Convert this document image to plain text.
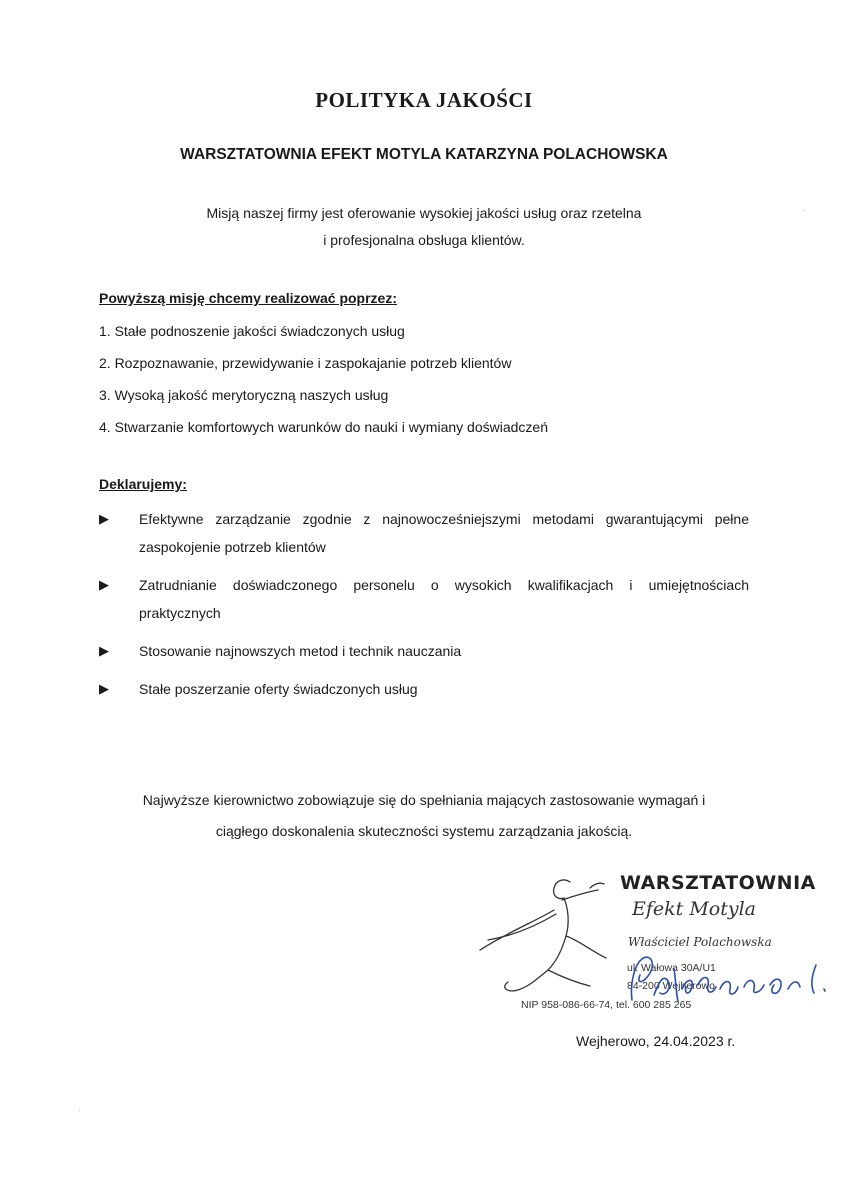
POLITYKA JAKOŚCI
WARSZTATOWNIA EFEKT MOTYLA KATARZYNA POLACHOWSKA
Misją naszej firmy jest oferowanie wysokiej jakości usług oraz rzetelna
i profesjonalna obsługa klientów.
Powyższą misję chcemy realizować poprzez:
1. Stałe podnoszenie jakości świadczonych usług
2. Rozpoznawanie, przewidywanie i zaspokajanie potrzeb klientów
3. Wysoką jakość merytoryczną naszych usług
4. Stwarzanie komfortowych warunków do nauki i wymiany doświadczeń
Deklarujemy:
▶ Efektywne zarządzanie zgodnie z najnowocześniejszymi metodami gwarantującymi pełne zaspokojenie potrzeb klientów
▶ Zatrudnianie doświadczonego personelu o wysokich kwalifikacjach i umiejętnościach praktycznych
▶ Stosowanie najnowszych metod i technik nauczania
▶ Stałe poszerzanie oferty świadczonych usług
Najwyższe kierownictwo zobowiązuje się do spełniania mających zastosowanie wymagań i
ciągłego doskonalenia skuteczności systemu zarządzania jakością.
WARSZTATOWNIA
Efekt Motyla
Właściciel Polachowska
ul. Wałowa 30A/U1
84-200 Wejherowo
NIP 958-086-66-74, tel. 600 285 265
Wejherowo, 24.04.2023 r.
·
·
